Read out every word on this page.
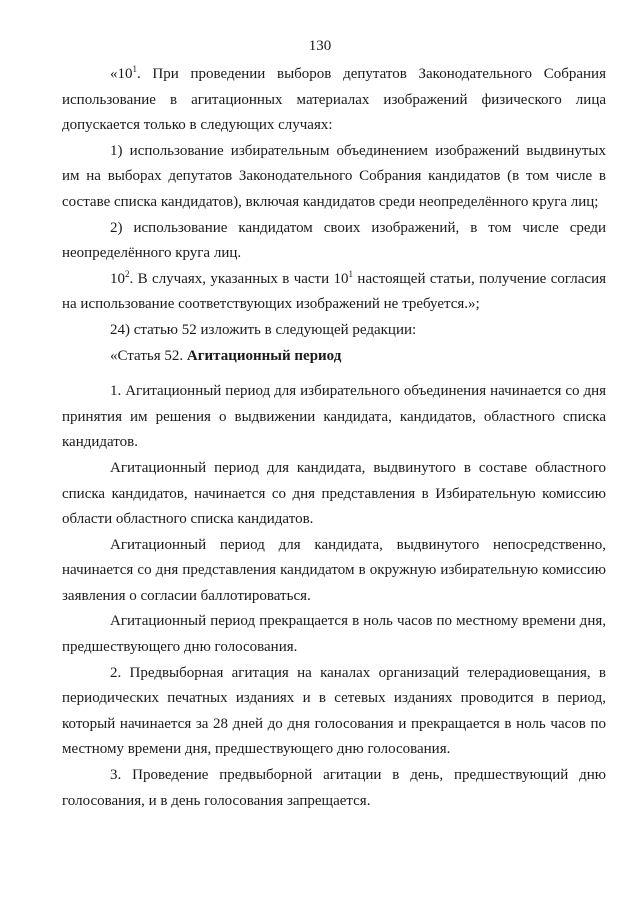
130

«$10^1$. При проведении выборов депутатов Законодательного Собрания использование в агитационных материалах изображений физического лица допускается только в следующих случаях:

1) использование избирательным объединением изображений выдвинутых им на выборах депутатов Законодательного Собрания кандидатов (в том числе в составе списка кандидатов), включая кандидатов среди неопределённого круга лиц;

2) использование кандидатом своих изображений, в том числе среди неопределённого круга лиц.

$10^2$. В случаях, указанных в части $10^1$ настоящей статьи, получение согласия на использование соответствующих изображений не требуется.»;

24) статью 52 изложить в следующей редакции:

«Статья 52. Агитационный период

1. Агитационный период для избирательного объединения начинается со дня принятия им решения о выдвижении кандидата, кандидатов, областного списка кандидатов.

Агитационный период для кандидата, выдвинутого в составе областного списка кандидатов, начинается со дня представления в Избирательную комиссию области областного списка кандидатов.

Агитационный период для кандидата, выдвинутого непосредственно, начинается со дня представления кандидатом в окружную избирательную комиссию заявления о согласии баллотироваться.

Агитационный период прекращается в ноль часов по местному времени дня, предшествующего дню голосования.

2. Предвыборная агитация на каналах организаций телерадиовещания, в периодических печатных изданиях и в сетевых изданиях проводится в период, который начинается за 28 дней до дня голосования и прекращается в ноль часов по местному времени дня, предшествующего дню голосования.

3. Проведение предвыборной агитации в день, предшествующий дню голосования, и в день голосования запрещается.
